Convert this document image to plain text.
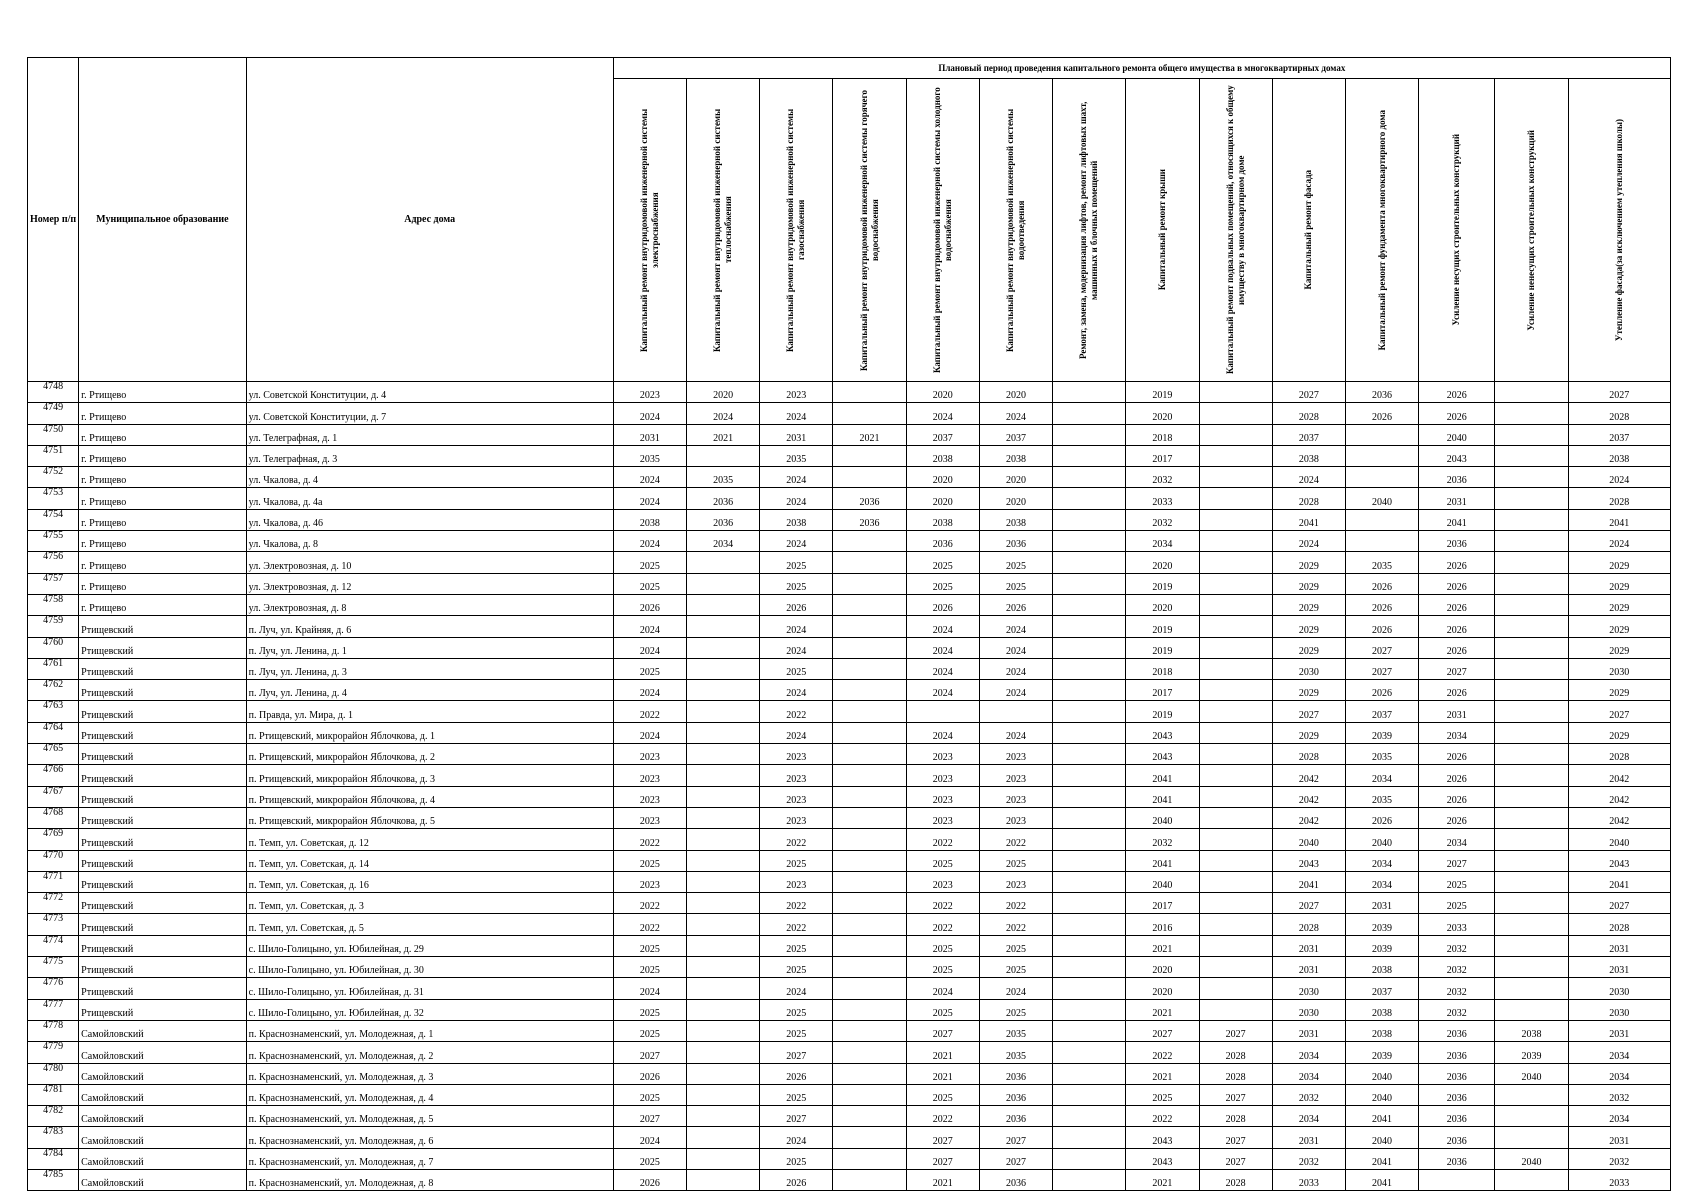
Номер п/п	Муниципальное образование	Адрес дома	Плановый период проведения капитального ремонта общего имущества в многоквартирных домах													

			Капитальный ремонт внутридомовой инженерной системы электроснабжения	Капитальный ремонт внутридомовой инженерной системы теплоснабжения	Капитальный ремонт внутридомовой инженерной системы газоснабжения	Капитальный ремонт внутридомовой инженерной системы горячего водоснабжения	Капитальный ремонт внутридомовой инженерной системы холодного водоснабжения	Капитальный ремонт внутридомовой инженерной системы водоотведения	Ремонт, замена, модернизация лифтов, ремонт лифтовых шахт, машинных и блочных помещений	Капитальный ремонт крыши	Капитальный ремонт подвальных помещений, относящихся к общему имуществу в многоквартирном доме	Капитальный ремонт фасада	Капитальный ремонт фундамента многоквартирного дома	Усиление несущих строительных конструкций	Усиление ненесущих строительных конструкций	Утепление фасада(за исключением утепления школы)

4748	г. Ртищево	ул. Советской Конституции, д. 4	2023	2020	2023		2020	2020		2019		2027	2036	2026		2027
4749	г. Ртищево	ул. Советской Конституции, д. 7	2024	2024	2024		2024	2024		2020		2028	2026	2026		2028
4750	г. Ртищево	ул. Телеграфная, д. 1	2031	2021	2031	2021	2037	2037		2018		2037		2040		2037
4751	г. Ртищево	ул. Телеграфная, д. 3	2035		2035		2038	2038		2017		2038		2043		2038
4752	г. Ртищево	ул. Чкалова, д. 4	2024	2035	2024		2020	2020		2032		2024		2036		2024
4753	г. Ртищево	ул. Чкалова, д. 4а	2024	2036	2024	2036	2020	2020		2033		2028	2040	2031		2028
4754	г. Ртищево	ул. Чкалова, д. 46	2038	2036	2038	2036	2038	2038		2032		2041		2041		2041
4755	г. Ртищево	ул. Чкалова, д. 8	2024	2034	2024		2036	2036		2034		2024		2036		2024
4756	г. Ртищево	ул. Электровозная, д. 10	2025		2025		2025	2025		2020		2029	2035	2026		2029
4757	г. Ртищево	ул. Электровозная, д. 12	2025		2025		2025	2025		2019		2029	2026	2026		2029
4758	г. Ртищево	ул. Электровозная, д. 8	2026		2026		2026	2026		2020		2029	2026	2026		2029
4759	Ртищевский	п. Луч, ул. Крайняя, д. 6	2024		2024		2024	2024		2019		2029	2026	2026		2029
4760	Ртищевский	п. Луч, ул. Ленина, д. 1	2024		2024		2024	2024		2019		2029	2027	2026		2029
4761	Ртищевский	п. Луч, ул. Ленина, д. 3	2025		2025		2024	2024		2018		2030	2027	2027		2030
4762	Ртищевский	п. Луч, ул. Ленина, д. 4	2024		2024		2024	2024		2017		2029	2026	2026		2029
4763	Ртищевский	п. Правда, ул. Мира, д. 1	2022		2022					2019		2027	2037	2031		2027
4764	Ртищевский	п. Ртищевский, микрорайон Яблочкова, д. 1	2024		2024		2024	2024		2043		2029	2039	2034		2029
4765	Ртищевский	п. Ртищевский, микрорайон Яблочкова, д. 2	2023		2023		2023	2023		2043		2028	2035	2026		2028
4766	Ртищевский	п. Ртищевский, микрорайон Яблочкова, д. 3	2023		2023		2023	2023		2041		2042	2034	2026		2042
4767	Ртищевский	п. Ртищевский, микрорайон Яблочкова, д. 4	2023		2023		2023	2023		2041		2042	2035	2026		2042
4768	Ртищевский	п. Ртищевский, микрорайон Яблочкова, д. 5	2023		2023		2023	2023		2040		2042	2026	2026		2042
4769	Ртищевский	п. Темп, ул. Советская, д. 12	2022		2022		2022	2022		2032		2040	2040	2034		2040
4770	Ртищевский	п. Темп, ул. Советская, д. 14	2025		2025		2025	2025		2041		2043	2034	2027		2043
4771	Ртищевский	п. Темп, ул. Советская, д. 16	2023		2023		2023	2023		2040		2041	2034	2025		2041
4772	Ртищевский	п. Темп, ул. Советская, д. 3	2022		2022		2022	2022		2017		2027	2031	2025		2027
4773	Ртищевский	п. Темп, ул. Советская, д. 5	2022		2022		2022	2022		2016		2028	2039	2033		2028
4774	Ртищевский	с. Шило-Голицыно, ул. Юбилейная, д. 29	2025		2025		2025	2025		2021		2031	2039	2032		2031
4775	Ртищевский	с. Шило-Голицыно, ул. Юбилейная, д. 30	2025		2025		2025	2025		2020		2031	2038	2032		2031
4776	Ртищевский	с. Шило-Голицыно, ул. Юбилейная, д. 31	2024		2024		2024	2024		2020		2030	2037	2032		2030
4777	Ртищевский	с. Шило-Голицыно, ул. Юбилейная, д. 32	2025		2025		2025	2025		2021		2030	2038	2032		2030
4778	Самойловский	п. Краснознаменский, ул. Молодежная, д. 1	2025		2025		2027	2035		2027	2027	2031	2038	2036	2038	2031
4779	Самойловский	п. Краснознаменский, ул. Молодежная, д. 2	2027		2027		2021	2035		2022	2028	2034	2039	2036	2039	2034
4780	Самойловский	п. Краснознаменский, ул. Молодежная, д. 3	2026		2026		2021	2036		2021	2028	2034	2040	2036	2040	2034
4781	Самойловский	п. Краснознаменский, ул. Молодежная, д. 4	2025		2025		2025	2036		2025	2027	2032	2040	2036		2032
4782	Самойловский	п. Краснознаменский, ул. Молодежная, д. 5	2027		2027		2022	2036		2022	2028	2034	2041	2036		2034
4783	Самойловский	п. Краснознаменский, ул. Молодежная, д. 6	2024		2024		2027	2027		2043	2027	2031	2040	2036		2031
4784	Самойловский	п. Краснознаменский, ул. Молодежная, д. 7	2025		2025		2027	2027		2043	2027	2032	2041	2036	2040	2032
4785	Самойловский	п. Краснознаменский, ул. Молодежная, д. 8	2026		2026		2021	2036		2021	2028	2033	2041			2033
